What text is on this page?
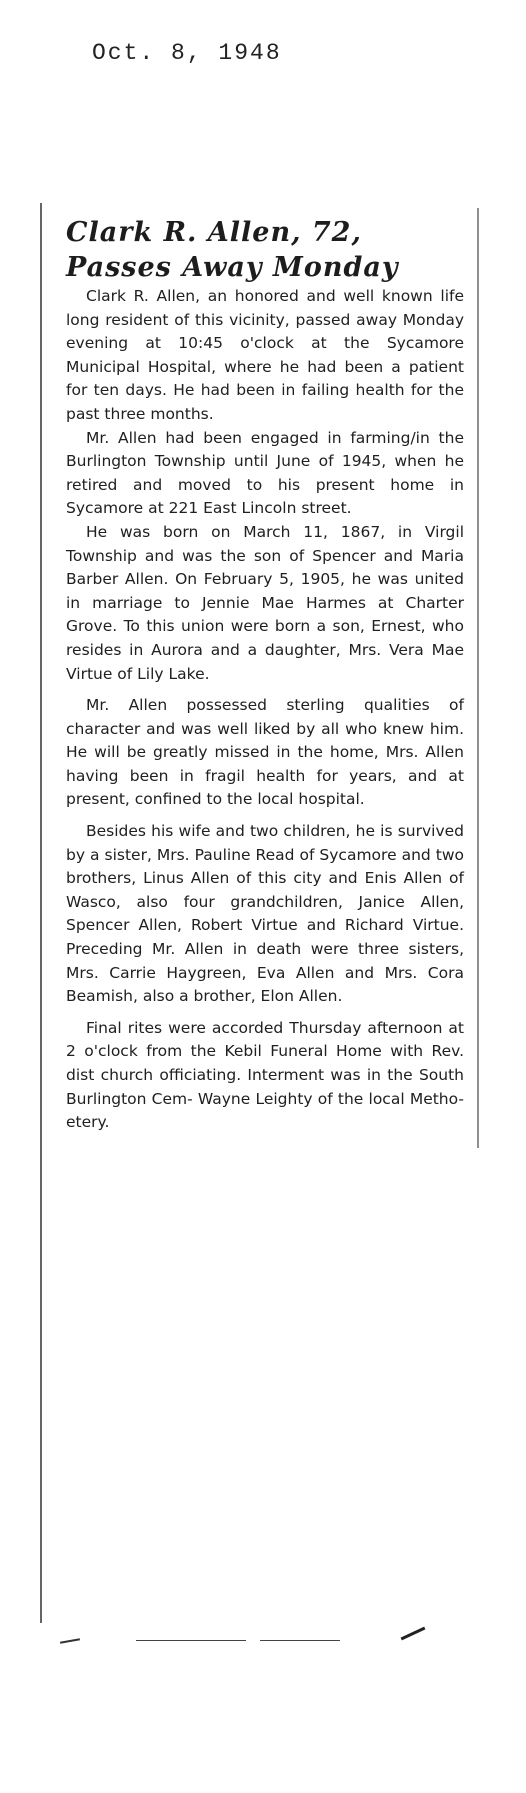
Oct. 8, 1948
Clark R. Allen, 72,
Passes Away Monday

Clark R. Allen, an honored and well known life long resident of this vicinity, passed away Monday evening at 10:45 o'clock at the Sycamore Municipal Hospital, where he had been a patient for ten days. He had been in failing health for the past three months.

Mr. Allen had been engaged in farming/in the Burlington Township until June of 1945, when he retired and moved to his present home in Sycamore at 221 East Lincoln street.

He was born on March 11, 1867, in Virgil Township and was the son of Spencer and Maria Barber Allen. On February 5, 1905, he was united in marriage to Jennie Mae Harmes at Charter Grove. To this union were born a son, Ernest, who resides in Aurora and a daughter, Mrs. Vera Mae Virtue of Lily Lake.

Mr. Allen possessed sterling qualities of character and was well liked by all who knew him. He will be greatly missed in the home, Mrs. Allen having been in fragil health for years, and at present, confined to the local hospital.

Besides his wife and two children, he is survived by a sister, Mrs. Pauline Read of Sycamore and two brothers, Linus Allen of this city and Enis Allen of Wasco, also four grandchildren, Janice Allen, Spencer Allen, Robert Virtue and Richard Virtue. Preceding Mr. Allen in death were three sisters, Mrs. Carrie Haygreen, Eva Allen and Mrs. Cora Beamish, also a brother, Elon Allen.

Final rites were accorded Thursday afternoon at 2 o'clock from the Kebil Funeral Home with Rev. dist church officiating. Interment was in the South Burlington Cem- Wayne Leighty of the local Metho- etery.
